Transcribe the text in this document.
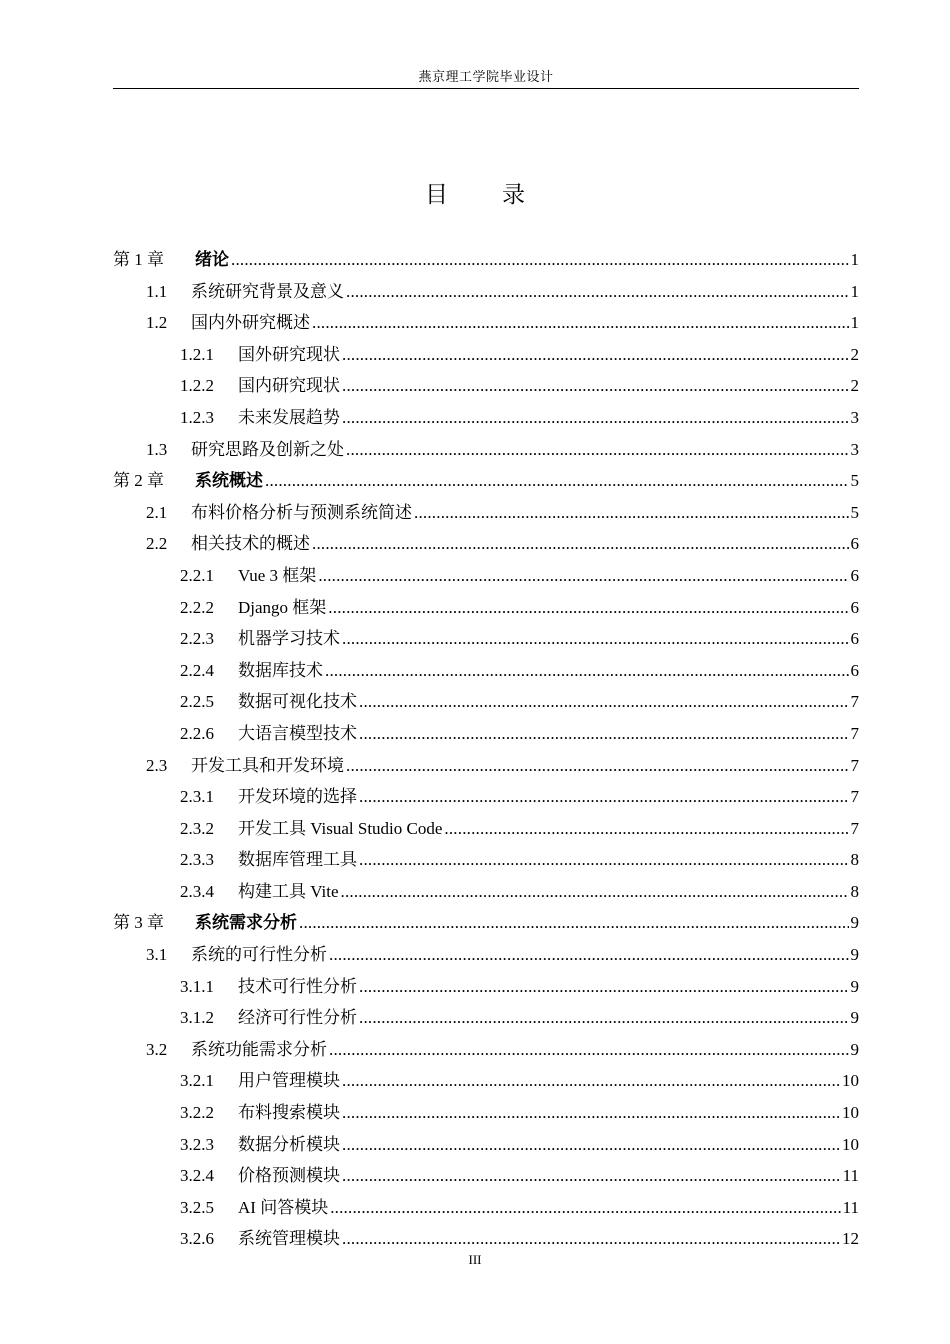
燕京理工学院毕业设计
目录
第 1 章	绪论 .....	1
1.1	系统研究背景及意义 .....	1
1.2	国内外研究概述 .....	1
1.2.1	国外研究现状 .....	2
1.2.2	国内研究现状 .....	2
1.2.3	未来发展趋势 .....	3
1.3	研究思路及创新之处 .....	3
第 2 章	系统概述 .....	5
2.1	布料价格分析与预测系统简述 .....	5
2.2	相关技术的概述 .....	6
2.2.1	Vue 3 框架 .....	6
2.2.2	Django 框架 .....	6
2.2.3	机器学习技术 .....	6
2.2.4	数据库技术 .....	6
2.2.5	数据可视化技术 .....	7
2.2.6	大语言模型技术 .....	7
2.3	开发工具和开发环境 .....	7
2.3.1	开发环境的选择 .....	7
2.3.2	开发工具 Visual Studio Code .....	7
2.3.3	数据库管理工具 .....	8
2.3.4	构建工具 Vite .....	8
第 3 章	系统需求分析 .....	9
3.1	系统的可行性分析 .....	9
3.1.1	技术可行性分析 .....	9
3.1.2	经济可行性分析 .....	9
3.2	系统功能需求分析 .....	9
3.2.1	用户管理模块 .....	10
3.2.2	布料搜索模块 .....	10
3.2.3	数据分析模块 .....	10
3.2.4	价格预测模块 .....	11
3.2.5	AI 问答模块 .....	11
3.2.6	系统管理模块 .....	12
III
